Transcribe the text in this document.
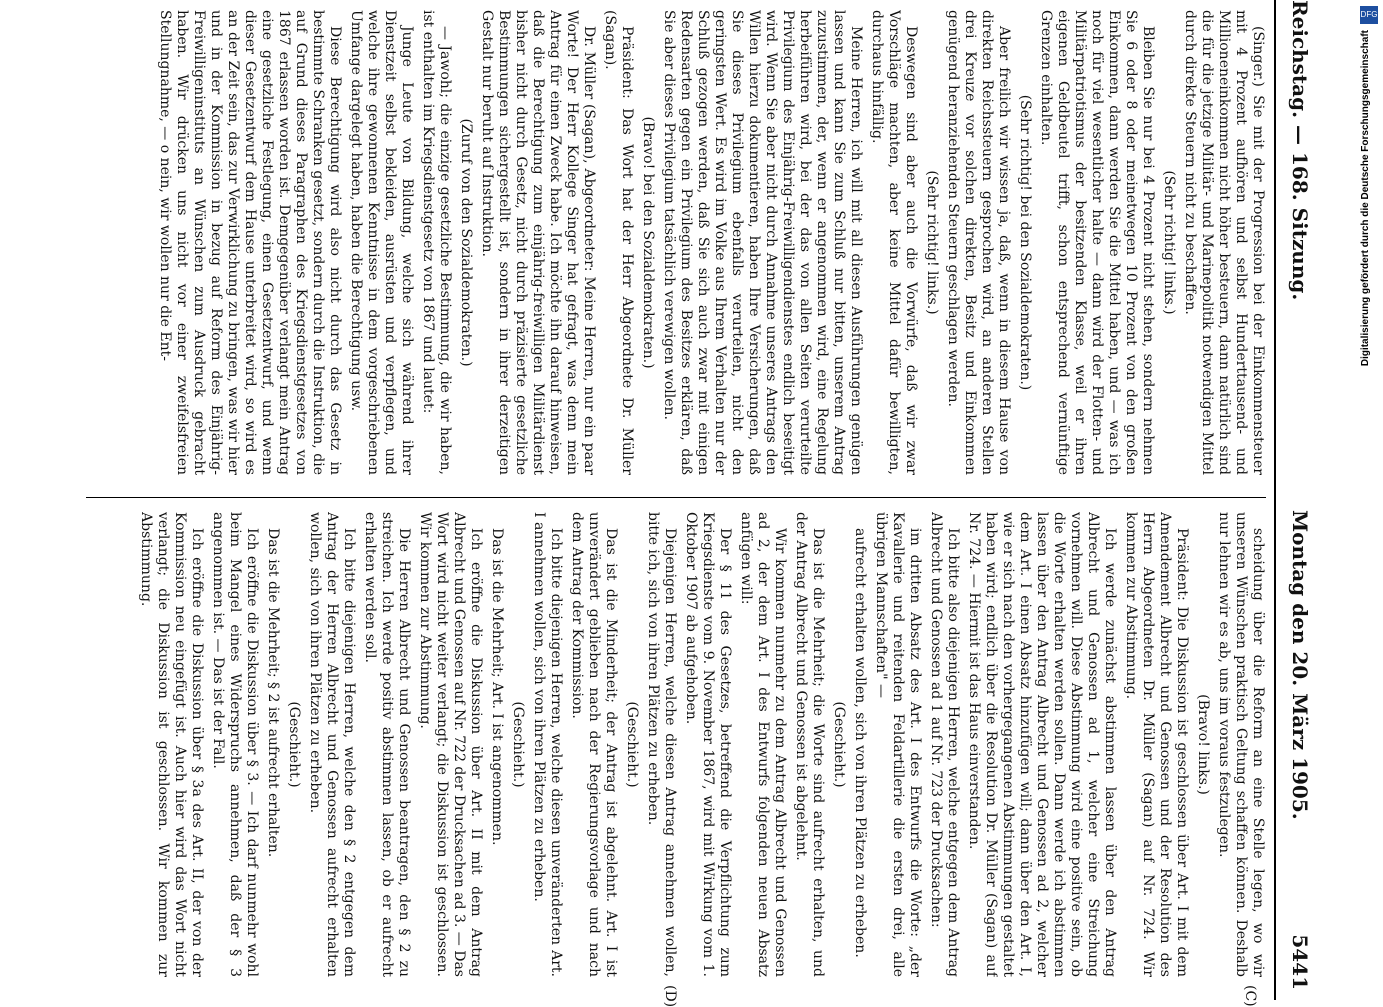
Reichstag. — 168. Sitzung.
Montag den 20. März 1905.
5441
(C)
(D)

(Singer.) Sie mit der Progression bei der Einkommensteuer mit 4 Prozent aufhören und selbst Hunderttausend- und Millioneneinkommen nicht höher besteuern, dann natürlich sind die für die jetzige Militär- und Marinepolitik notwendigen Mittel durch direkte Steuern nicht zu beschaffen.

(Sehr richtig! links.)

Bleiben Sie nur bei 4 Prozent nicht stehen, sondern nehmen Sie 6 oder 8 oder meinetwegen 10 Prozent von den großen Einkommen, dann werden Sie die Mittel haben, und — was ich noch für viel wesentlicher halte — dann wird der Flotten- und Militärpatriotismus der besitzenden Klasse, weil er ihren eigenen Geldbeutel trifft, schon entsprechend vernünftige Grenzen einhalten.

(Sehr richtig! bei den Sozialdemokraten.)

Aber freilich wir wissen ja, daß, wenn in diesem Hause von direkten Reichssteuern gesprochen wird, an anderen Stellen drei Kreuze vor solchen direkten, Besitz und Einkommen genügend heranziehenden Steuern geschlagen werden.

(Sehr richtig! links.)

Deswegen sind aber auch die Vorwürfe, daß wir zwar Vorschläge machten, aber keine Mittel dafür bewilligten, durchaus hinfällig.

Meine Herren, ich will mit all diesen Ausführungen genügen lassen und kann Sie zum Schluß nur bitten, unserem Antrag zuzustimmen, der, wenn er angenommen wird, eine Regelung herbeiführen wird, bei der das von allen Seiten verurteilte Privilegium des Einjährig-Freiwilligendienstes endlich beseitigt wird. Wenn Sie aber nicht durch Annahme unseres Antrags den Willen hierzu dokumentieren, haben Ihre Versicherungen, daß Sie dieses Privilegium ebenfalls verurteilen, nicht den geringsten Wert. Es wird im Volke aus Ihrem Verhalten nur der Schluß gezogen werden, daß Sie sich auch zwar mit einigen Redensarten gegen ein Privilegium des Besitzes erklären, daß Sie aber dieses Privilegium tatsächlich verewigen wollen.

(Bravo! bei den Sozialdemokraten.)

Präsident: Das Wort hat der Herr Abgeordnete Dr. Müller (Sagan).

Dr. Müller (Sagan), Abgeordneter: Meine Herren, nur ein paar Worte! Der Herr Kollege Singer hat gefragt, was denn mein Antrag für einen Zweck habe. Ich möchte ihn darauf hinweisen, daß die Berechtigung zum einjährig-freiwilligen Militärdienst bisher nicht durch Gesetz, nicht durch präzisierte gesetzliche Bestimmungen sichergestellt ist, sondern in ihrer derzeitigen Gestalt nur beruht auf Instruktion.

(Zuruf von den Sozialdemokraten.)

— Jawohl; die einzige gesetzliche Bestimmung, die wir haben, ist enthalten im Kriegsdienstgesetz von 1867 und lautet:

Junge Leute von Bildung, welche sich während ihrer Dienstzeit selbst bekleiden, ausrüsten und verpflegen, und welche ihre gewonnenen Kenntnisse in dem vorgeschriebenen Umfange dargelegt haben, haben die Berechtigung usw.

Diese Berechtigung wird also nicht durch das Gesetz in bestimmte Schranken gesetzt, sondern durch die Instruktion, die auf Grund dieses Paragraphen des Kriegsdienstgesetzes von 1867 erlassen worden ist. Demgegenüber verlangt mein Antrag eine gesetzliche Festlegung, einen Gesetzentwurf, und wenn dieser Gesetzentwurf dem Hause unterbreitet wird, so wird es an der Zeit sein, das zur Verwirklichung zu bringen, was wir hier und in der Kommission in bezug auf Reform des Einjährig-Freiwilligeninstituts an Wünschen zum Ausdruck gebracht haben. Wir drücken uns nicht vor einer zweifelsfreien Stellungnahme, — o nein, wir wollen nur die Ent-

scheidung über die Reform an eine Stelle legen, wo wir unseren Wünschen praktisch Geltung schaffen können. Deshalb nur lehnen wir es ab, uns im voraus festzulegen.

(Bravo! links.)

Präsident: Die Diskussion ist geschlossen über Art. I mit dem Amendement Albrecht und Genossen und der Resolution des Herrn Abgeordneten Dr. Müller (Sagan) auf Nr. 724. Wir kommen zur Abstimmung.

Ich werde zunächst abstimmen lassen über den Antrag Albrecht und Genossen ad 1, welcher eine Streichung vornehmen will. Diese Abstimmung wird eine positive sein, ob die Worte erhalten werden sollen. Dann werde ich abstimmen lassen über den Antrag Albrecht und Genossen ad 2, welcher dem Art. I einen Absatz hinzufügen will; dann über den Art. I, wie er sich nach den vorhergegangenen Abstimmungen gestaltet haben wird; endlich über die Resolution Dr. Müller (Sagan) auf Nr. 724. — Hiermit ist das Haus einverstanden.

Ich bitte also diejenigen Herren, welche entgegen dem Antrag Albrecht und Genossen ad 1 auf Nr. 723 der Drucksachen:

im dritten Absatz des Art. I des Entwurfs die Worte: „der Kavallerie und reitenden Feldartillerie die ersten drei, alle übrigen Mannschaften" —

aufrecht erhalten wollen, sich von ihren Plätzen zu erheben.

(Geschieht.)

Das ist die Mehrheit; die Worte sind aufrecht erhalten, und der Antrag Albrecht und Genossen ist abgelehnt.

Wir kommen nunmehr zu dem Antrag Albrecht und Genossen ad 2, der dem Art. I des Entwurfs folgenden neuen Absatz anfügen will:

Der § 11 des Gesetzes, betreffend die Verpflichtung zum Kriegsdienste vom 9. November 1867, wird mit Wirkung vom 1. Oktober 1907 ab aufgehoben.

Diejenigen Herren, welche diesen Antrag annehmen wollen, bitte ich, sich von ihren Plätzen zu erheben.

(Geschieht.)

Das ist die Minderheit; der Antrag ist abgelehnt. Art. I ist unverändert geblieben nach der Regierungsvorlage und nach dem Antrag der Kommission.

Ich bitte diejenigen Herren, welche diesen unveränderten Art. I annehmen wollen, sich von ihren Plätzen zu erheben.

(Geschieht.)

Das ist die Mehrheit; Art. I ist angenommen.

Ich eröffne die Diskussion über Art. II mit dem Antrag Albrecht und Genossen auf Nr. 722 der Drucksachen ad 3. — Das Wort wird nicht weiter verlangt; die Diskussion ist geschlossen. Wir kommen zur Abstimmung.

Die Herren Albrecht und Genossen beantragen, den § 2 zu streichen. Ich werde positiv abstimmen lassen, ob er aufrecht erhalten werden soll.

Ich bitte diejenigen Herren, welche den § 2 entgegen dem Antrag der Herren Albrecht und Genossen aufrecht erhalten wollen, sich von ihren Plätzen zu erheben.

(Geschieht.)

Das ist die Mehrheit; § 2 ist aufrecht erhalten.

Ich eröffne die Diskussion über § 3. — Ich darf nunmehr wohl beim Mangel eines Widerspruchs annehmen, daß der § 3 angenommen ist. — Das ist der Fall.

Ich eröffne die Diskussion über § 3a des Art. II, der von der Kommission neu eingefügt ist. Auch hier wird das Wort nicht verlangt; die Diskussion ist geschlossen. Wir kommen zur Abstimmung.

DFG
Digitalisierung gefördert durch die Deutsche Forschungsgemeinschaft
